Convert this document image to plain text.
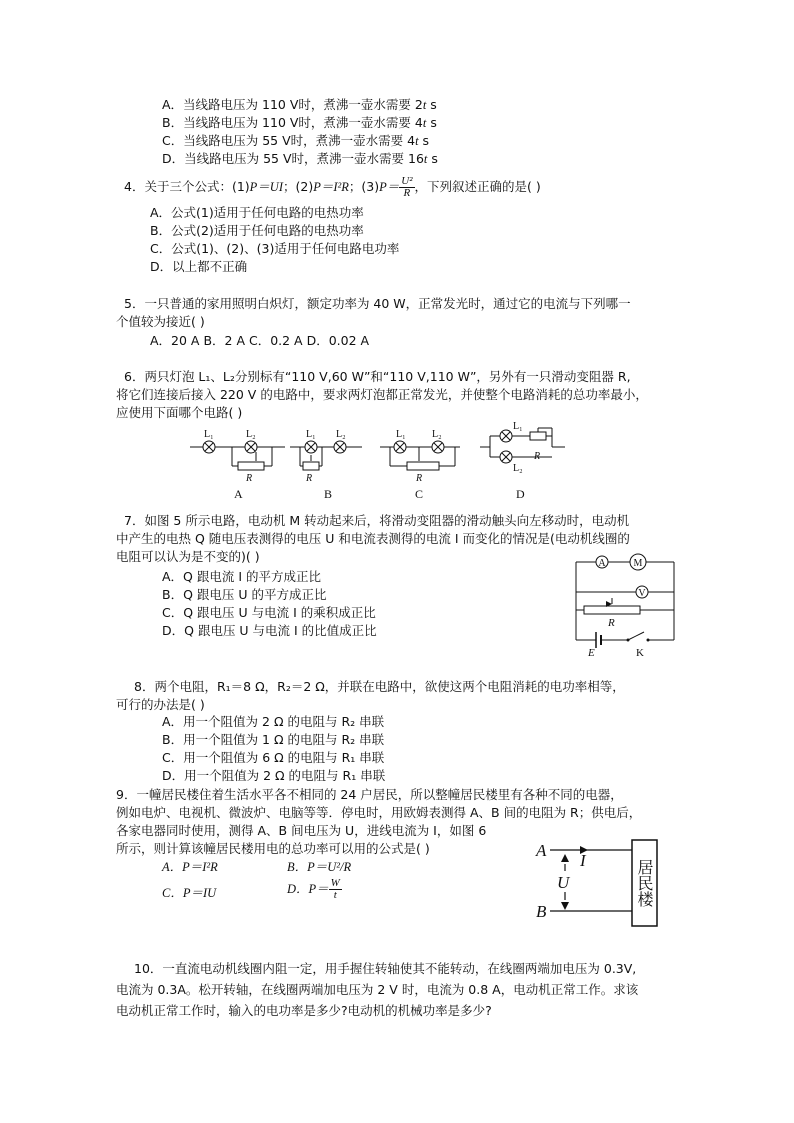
A．当线路电压为 110 V时，煮沸一壶水需要 2t s
B．当线路电压为 110 V时，煮沸一壶水需要 4t s
C．当线路电压为 55 V时，煮沸一壶水需要 4t s
D．当线路电压为 55 V时，煮沸一壶水需要 16t s
4．关于三个公式：(1)P＝UI；(2)P＝I²R；$(3)P= \frac{\text{U²}}{R}$ ，下列叙述正确的是( )
A．公式(1)适用于任何电路的电热功率
B．公式(2)适用于任何电路的电热功率
C．公式(1)、(2)、(3)适用于任何电路电功率
D．以上都不正确
5．一只普通的家用照明白炽灯，额定功率为 40 W，正常发光时，通过它的电流与下列哪一
个值较为接近( )
A．20 A B．2 A C．0.2 A D．0.02 A
6．两只灯泡 L₁、L₂分别标有“110 V,60 W”和“110 V,110 W”，另外有一只滑动变阻器 R,
将它们连接后接入 220 V 的电路中，要求两灯泡都正常发光，并使整个电路消耗的总功率最小，
应使用下面哪个电路( )
L₁	L₂
R
L₁ L₂
R
L₁	L₂
R
L₁
L₂
R
A	B	C	D
7．如图 5 所示电路，电动机 M 转动起来后，将滑动变阻器的滑动触头向左移动时，电动机
中产生的电热 Q 随电压表测得的电压 U 和电流表测得的电流 I 而变化的情况是(电动机线圈的
电阻可以认为是不变的)( )
A．Q 跟电流 I 的平方成正比
B．Q 跟电压 U 的平方成正比
C．Q 跟电压 U 与电流 I 的乘积成正比
D．Q 跟电压 U 与电流 I 的比值成正比
A	M
V
R
E	K
8．两个电阻，R₁＝8 Ω，R₂＝2 Ω，并联在电路中，欲使这两个电阻消耗的电功率相等，
可行的办法是( )
A．用一个阻值为 2 Ω 的电阻与 R₂ 串联
B．用一个阻值为 1 Ω 的电阻与 R₂ 串联
C．用一个阻值为 6 Ω 的电阻与 R₁ 串联
D．用一个阻值为 2 Ω 的电阻与 R₁ 串联
9．一幢居民楼住着生活水平各不相同的 24 户居民，所以整幢居民楼里有各种不同的电器，
例如电炉、电视机、微波炉、电脑等等．停电时，用欧姆表测得 A、B 间的电阻为 R；供电后，
各家电器同时使用，测得 A、B 间电压为 U，进线电流为 I，如图 6
所示，则计算该幢居民楼用电的总功率可以用的公式是( )
A．P＝I²R	B．P＝U²/R
C．P＝IU	D．$P= \frac{W}{t}$
A
B
I
U	居民楼
10．一直流电动机线圈内阻一定，用手握住转轴使其不能转动，在线圈两端加电压为 0.3V,
电流为 0.3A。松开转轴，在线圈两端加电压为 2 V 时，电流为 0.8 A，电动机正常工作。求该
电动机正常工作时，输入的电功率是多少?电动机的机械功率是多少?
